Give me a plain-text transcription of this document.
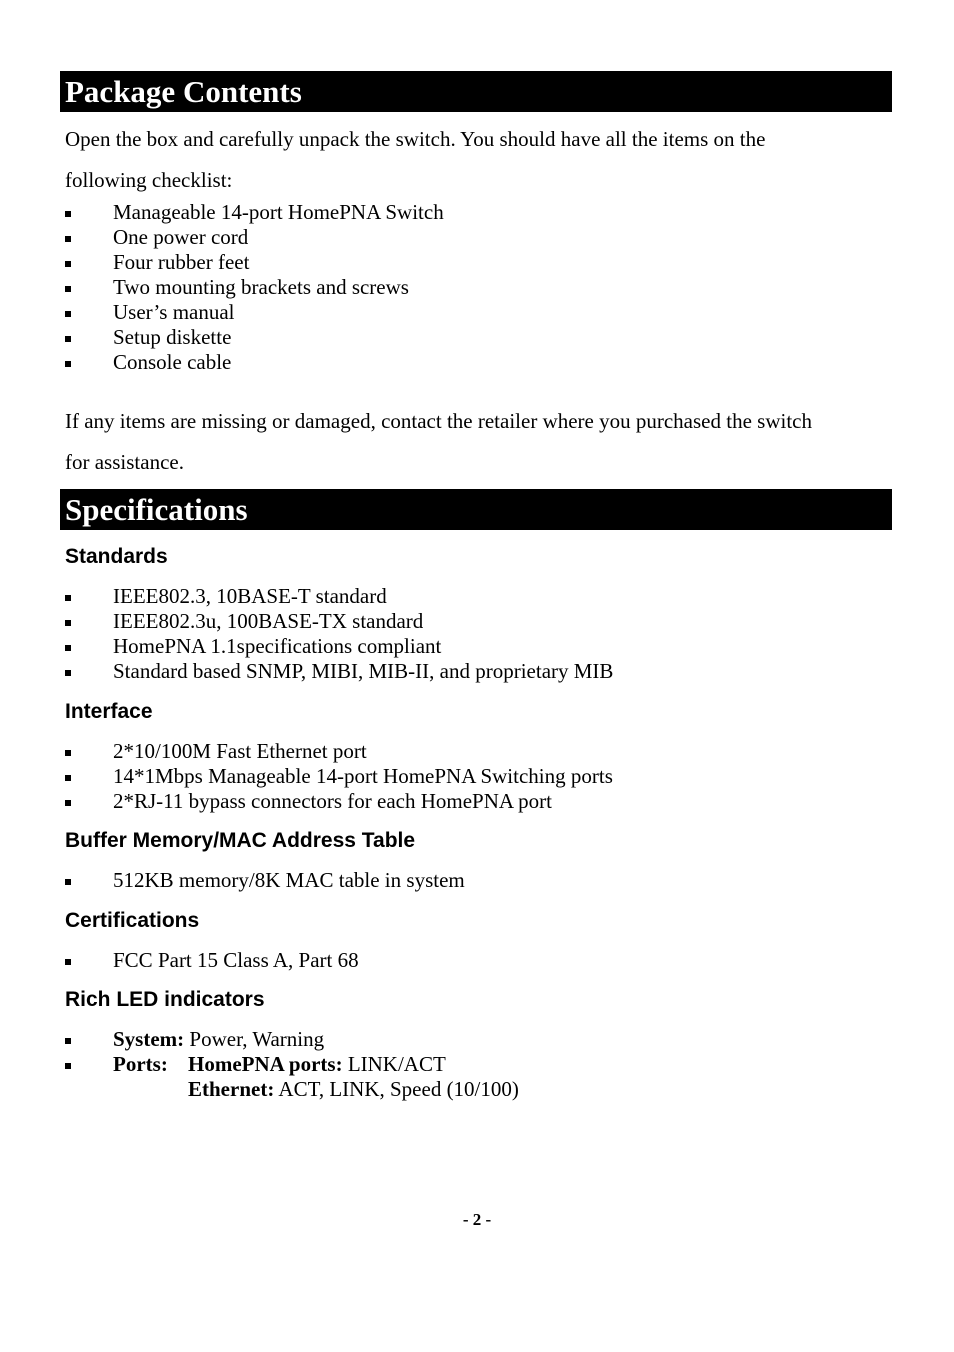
Package Contents

Open the box and carefully unpack the switch. You should have all the items on the

following checklist:

Manageable 14-port HomePNA Switch
One power cord
Four rubber feet
Two mounting brackets and screws
User’s manual
Setup diskette
Console cable

If any items are missing or damaged, contact the retailer where you purchased the switch

for assistance.

Specifications
Standards
IEEE802.3, 10BASE-T standard
IEEE802.3u, 100BASE-TX standard
HomePNA 1.1specifications compliant
Standard based SNMP, MIBI, MIB-II, and proprietary MIB
Interface
2*10/100M Fast Ethernet port
14*1Mbps Manageable 14-port HomePNA Switching ports
2*RJ-11 bypass connectors for each HomePNA port
Buffer Memory/MAC Address Table
512KB memory/8K MAC table in system
Certifications
FCC Part 15 Class A, Part 68
Rich LED indicators
System: Power, Warning
Ports: HomePNA ports: LINK/ACT
Ethernet: ACT, LINK, Speed (10/100)
- 2 -
